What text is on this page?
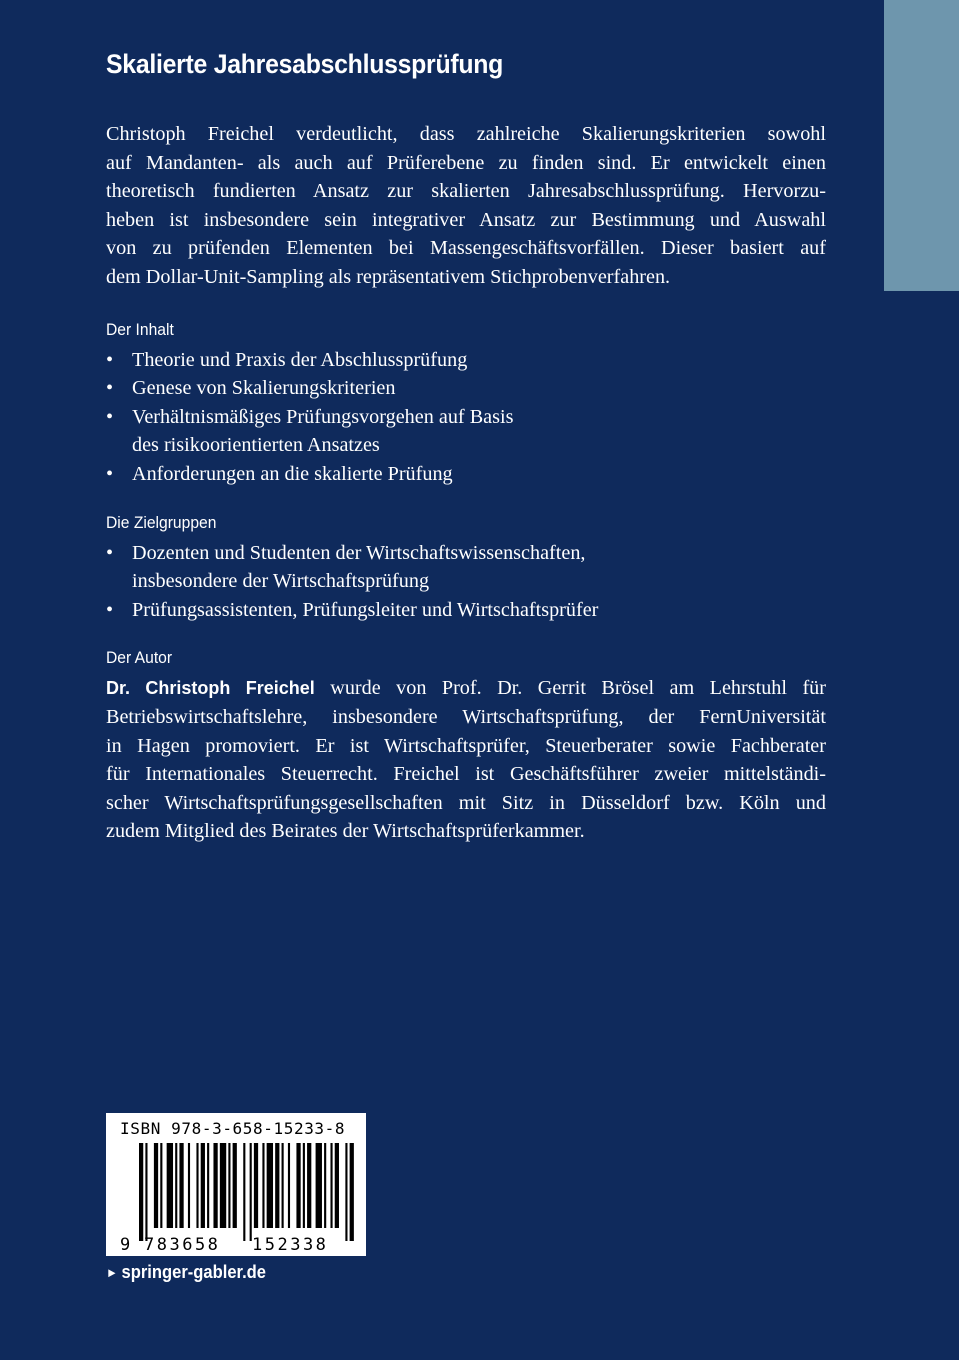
Skalierte Jahresabschlussprüfung
Christoph Freichel verdeutlicht, dass zahlreiche Skalierungskriterien sowohl
auf Mandanten- als auch auf Prüferebene zu finden sind. Er entwickelt einen
theoretisch fundierten Ansatz zur skalierten Jahresabschlussprüfung. Hervorzu-
heben ist insbesondere sein integrativer Ansatz zur Bestimmung und Auswahl
von zu prüfenden Elementen bei Massengeschäftsvorfällen. Dieser basiert auf
dem Dollar-Unit-Sampling als repräsentativem Stichprobenverfahren.
Der Inhalt
• Theorie und Praxis der Abschlussprüfung
• Genese von Skalierungskriterien
• Verhältnismäßiges Prüfungsvorgehen auf Basis
des risikoorientierten Ansatzes
• Anforderungen an die skalierte Prüfung
Die Zielgruppen
• Dozenten und Studenten der Wirtschaftswissenschaften,
insbesondere der Wirtschaftsprüfung
• Prüfungsassistenten, Prüfungsleiter und Wirtschaftsprüfer
Der Autor
Dr. Christoph Freichel wurde von Prof. Dr. Gerrit Brösel am Lehrstuhl für
Betriebswirtschaftslehre, insbesondere Wirtschaftsprüfung, der FernUniversität
in Hagen promoviert. Er ist Wirtschaftsprüfer, Steuerberater sowie Fachberater
für Internationales Steuerrecht. Freichel ist Geschäftsführer zweier mittelständi-
scher Wirtschaftsprüfungsgesellschaften mit Sitz in Düsseldorf bzw. Köln und
zudem Mitglied des Beirates der Wirtschaftsprüferkammer.
ISBN 978-3-658-15233-8
9 783658 152338
► springer-gabler.de
